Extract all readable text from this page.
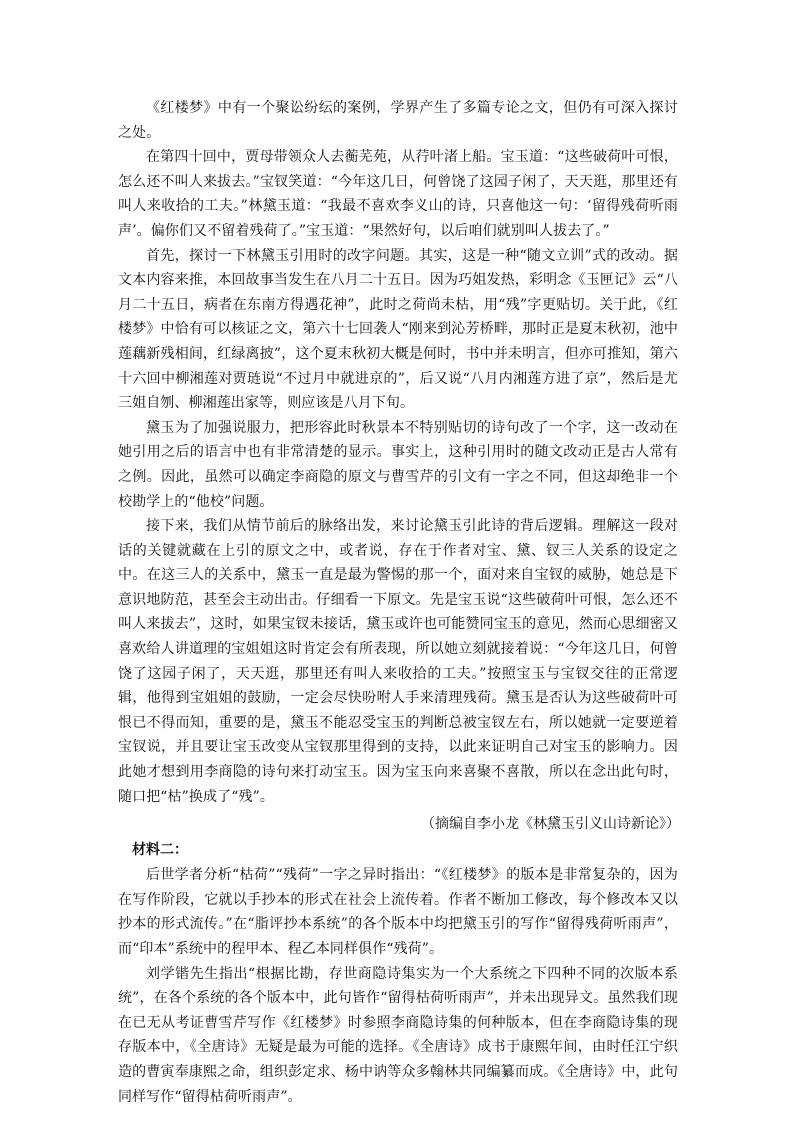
《红楼梦》中有一个聚讼纷纭的案例，学界产生了多篇专论之文，但仍有可深入探讨之处。

在第四十回中，贾母带领众人去蘅芜苑，从荇叶渚上船。宝玉道：“这些破荷叶可恨，怎么还不叫人来拔去。”宝钗笑道：“今年这几日，何曾饶了这园子闲了，天天逛，那里还有叫人来收拾的工夫。”林黛玉道：“我最不喜欢李义山的诗，只喜他这一句：‘留得残荷听雨声’。偏你们又不留着残荷了。”宝玉道：“果然好句，以后咱们就别叫人拔去了。”

首先，探讨一下林黛玉引用时的改字问题。其实，这是一种“随文立训”式的改动。据文本内容来推，本回故事当发生在八月二十五日。因为巧姐发热，彩明念《玉匣记》云“八月二十五日，病者在东南方得遇花神”，此时之荷尚未枯，用“残”字更贴切。关于此，《红楼梦》中恰有可以核证之文，第六十七回袭人“刚来到沁芳桥畔，那时正是夏末秋初，池中莲藕新残相间，红绿离披”，这个夏末秋初大概是何时，书中并未明言，但亦可推知，第六十六回中柳湘莲对贾琏说“不过月中就进京的”，后又说“八月内湘莲方进了京”，然后是尤三姐自刎、柳湘莲出家等，则应该是八月下旬。

黛玉为了加强说服力，把形容此时秋景本不特别贴切的诗句改了一个字，这一改动在她引用之后的语言中也有非常清楚的显示。事实上，这种引用时的随文改动正是古人常有之例。因此，虽然可以确定李商隐的原文与曹雪芹的引文有一字之不同，但这却绝非一个校勘学上的“他校”问题。

接下来，我们从情节前后的脉络出发，来讨论黛玉引此诗的背后逻辑。理解这一段对话的关键就藏在上引的原文之中，或者说，存在于作者对宝、黛、钗三人关系的设定之中。在这三人的关系中，黛玉一直是最为警惕的那一个，面对来自宝钗的威胁，她总是下意识地防范，甚至会主动出击。仔细看一下原文。先是宝玉说“这些破荷叶可恨，怎么还不叫人来拔去”，这时，如果宝钗未接话，黛玉或许也可能赞同宝玉的意见，然而心思细密又喜欢给人讲道理的宝姐姐这时肯定会有所表现，所以她立刻就接着说：“今年这几日，何曾饶了这园子闲了，天天逛，那里还有叫人来收拾的工夫。”按照宝玉与宝钗交往的正常逻辑，他得到宝姐姐的鼓励，一定会尽快吩咐人手来清理残荷。黛玉是否认为这些破荷叶可恨已不得而知，重要的是，黛玉不能忍受宝玉的判断总被宝钗左右，所以她就一定要逆着宝钗说，并且要让宝玉改变从宝钗那里得到的支持，以此来证明自己对宝玉的影响力。因此她才想到用李商隐的诗句来打动宝玉。因为宝玉向来喜聚不喜散，所以在念出此句时，随口把“枯”换成了“残”。

（摘编自李小龙《林黛玉引义山诗新论》）
材料二：

后世学者分析“枯荷”“残荷”一字之异时指出：“《红楼梦》的版本是非常复杂的，因为在写作阶段，它就以手抄本的形式在社会上流传着。作者不断加工修改，每个修改本又以抄本的形式流传。”在“脂评抄本系统”的各个版本中均把黛玉引的写作“留得残荷听雨声”，而“印本”系统中的程甲本、程乙本同样俱作“残荷”。

刘学锴先生指出“根据比勘，存世商隐诗集实为一个大系统之下四种不同的次版本系统”，在各个系统的各个版本中，此句皆作“留得枯荷听雨声”，并未出现异文。虽然我们现在已无从考证曹雪芹写作《红楼梦》时参照李商隐诗集的何种版本，但在李商隐诗集的现存版本中，《全唐诗》无疑是最为可能的选择。《全唐诗》成书于康熙年间，由时任江宁织造的曹寅奉康熙之命，组织彭定求、杨中讷等众多翰林共同编纂而成。《全唐诗》中，此句同样写作“留得枯荷听雨声”。
